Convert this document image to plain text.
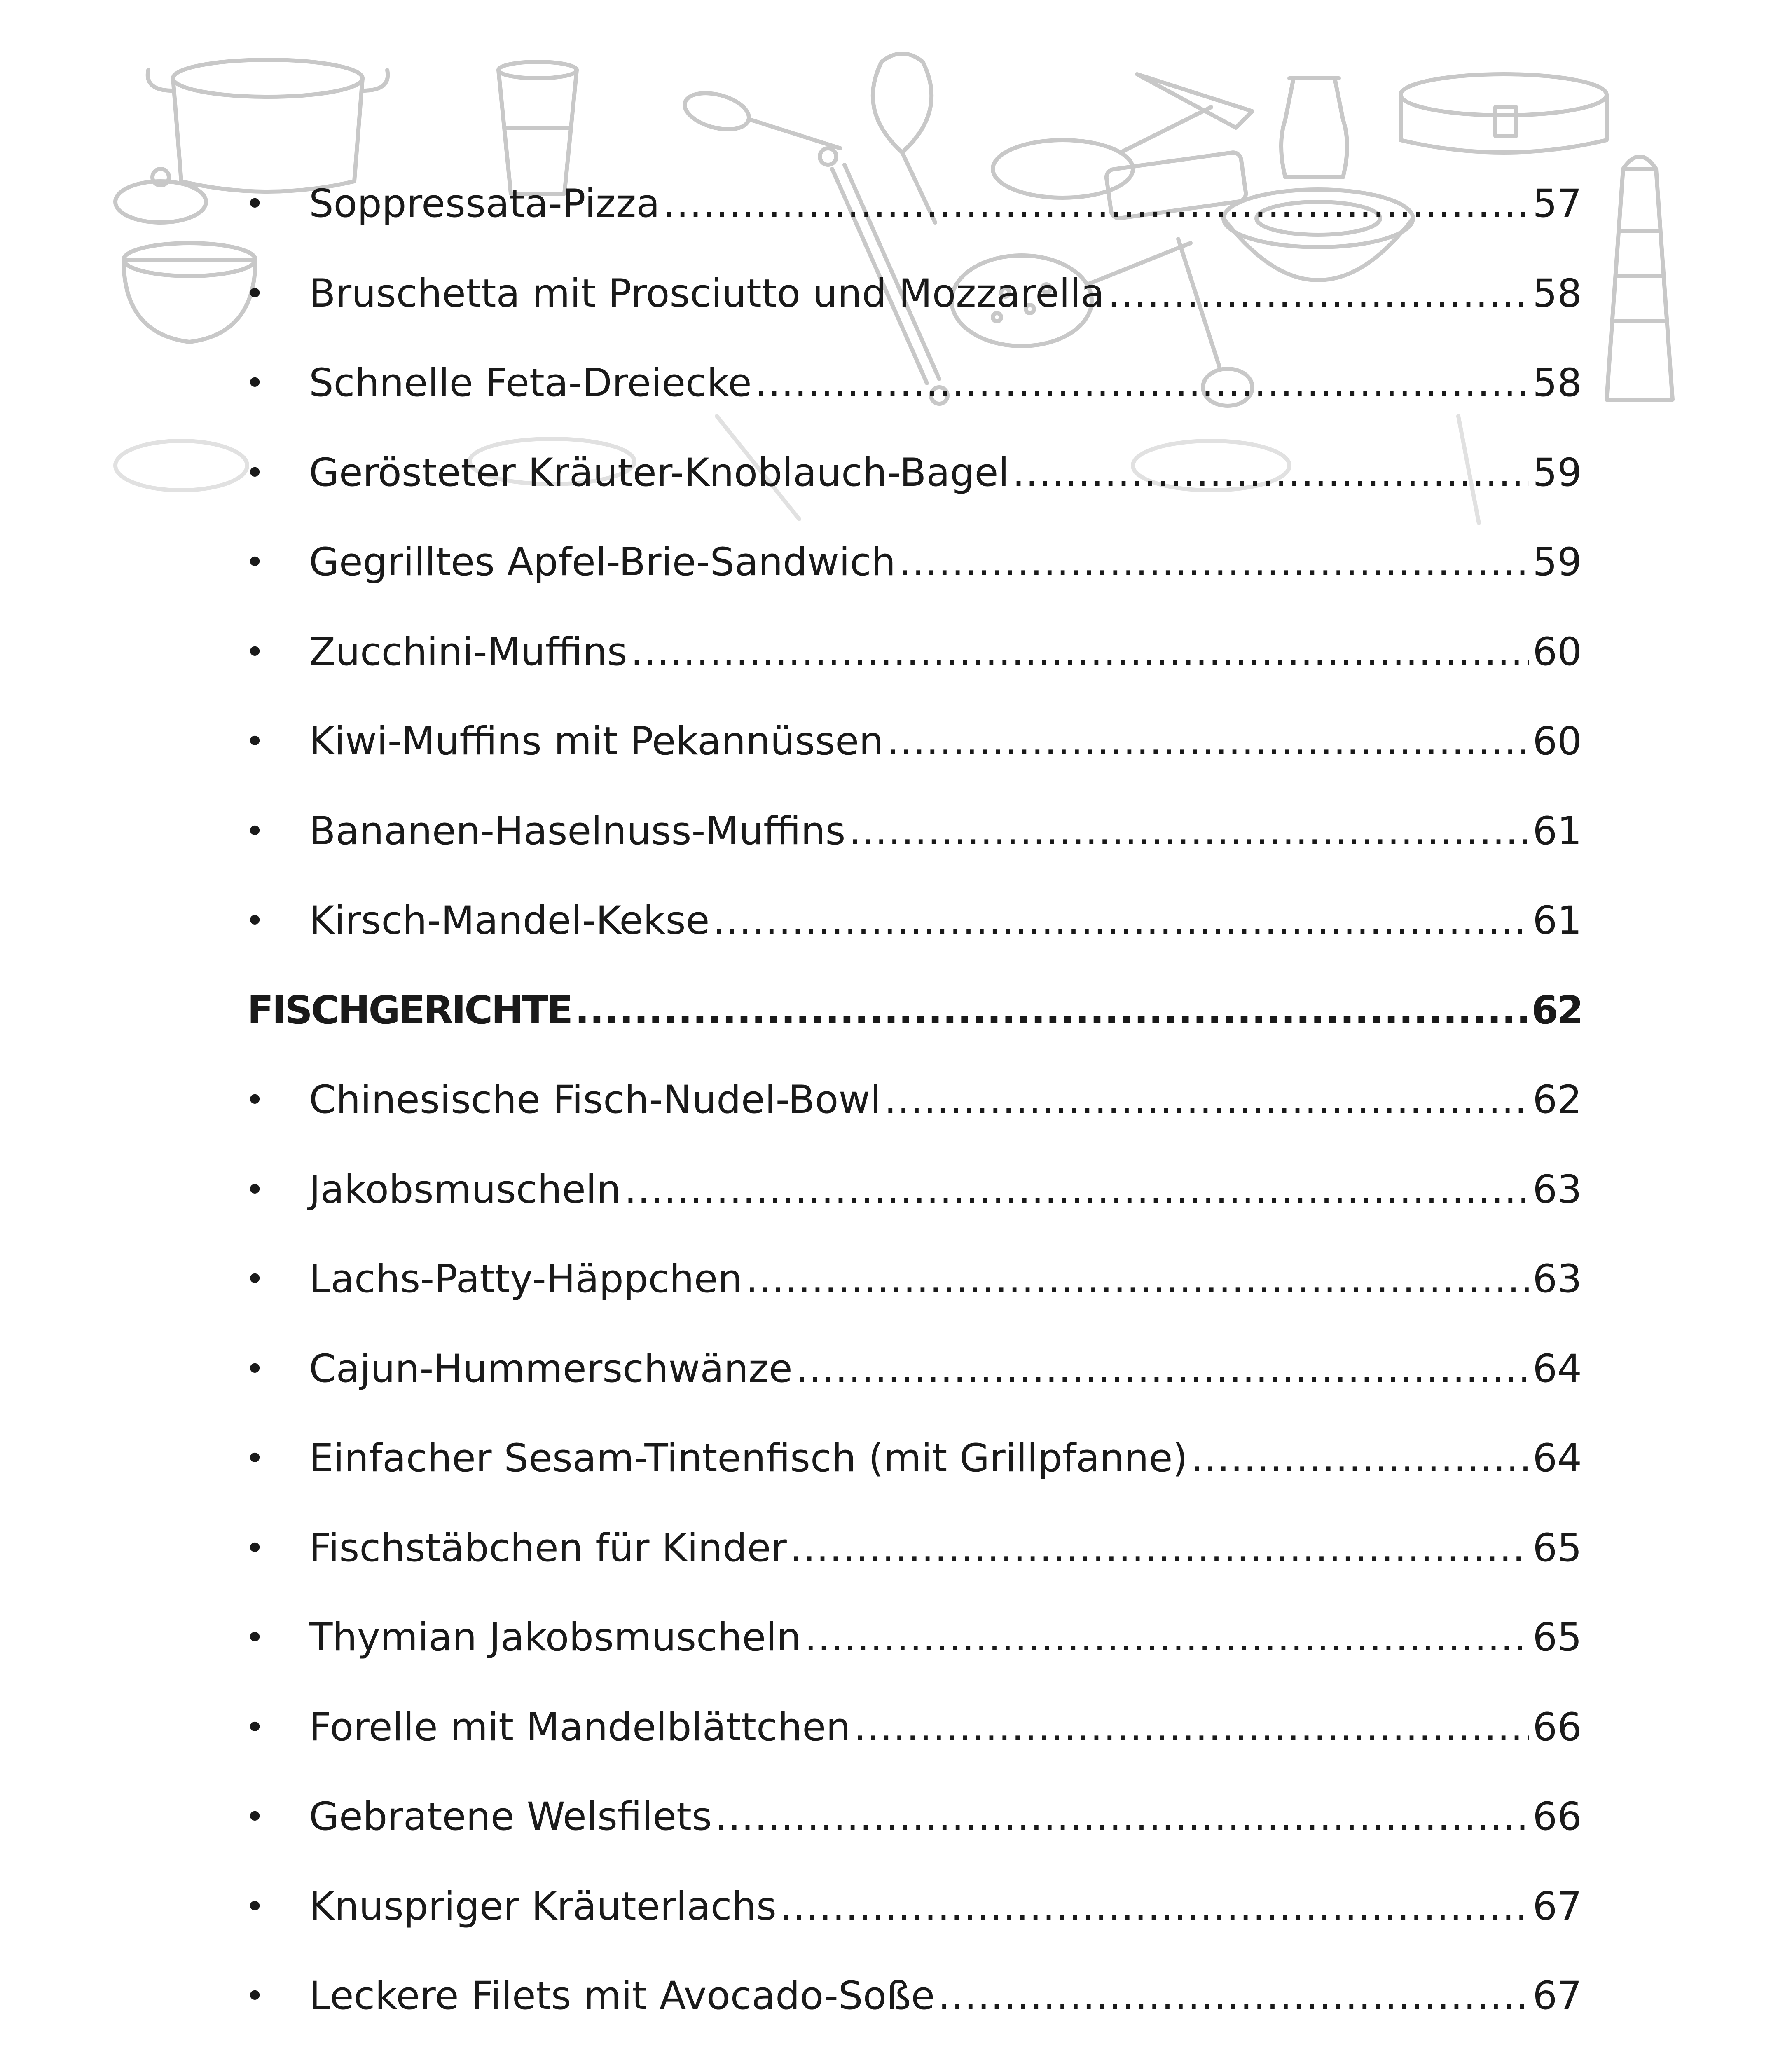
• Soppressata-Pizza .....	57
• Bruschetta mit Prosciutto und Mozzarella .....	58
• Schnelle Feta-Dreiecke .....	58
• Gerösteter Kräuter-Knoblauch-Bagel .....	59
• Gegrilltes Apfel-Brie-Sandwich .....	59
• Zucchini-Muffins .....	60
• Kiwi-Muffins mit Pekannüssen .....	60
• Bananen-Haselnuss-Muffins .....	61
• Kirsch-Mandel-Kekse .....	61
FISCHGERICHTE .....	62
• Chinesische Fisch-Nudel-Bowl .....	62
• Jakobsmuscheln .....	63
• Lachs-Patty-Häppchen .....	63
• Cajun-Hummerschwänze .....	64
• Einfacher Sesam-Tintenfisch (mit Grillpfanne) .....	64
• Fischstäbchen für Kinder .....	65
• Thymian Jakobsmuscheln .....	65
• Forelle mit Mandelblättchen .....	66
• Gebratene Welsfilets .....	66
• Knuspriger Kräuterlachs .....	67
• Leckere Filets mit Avocado-Soße .....	67
